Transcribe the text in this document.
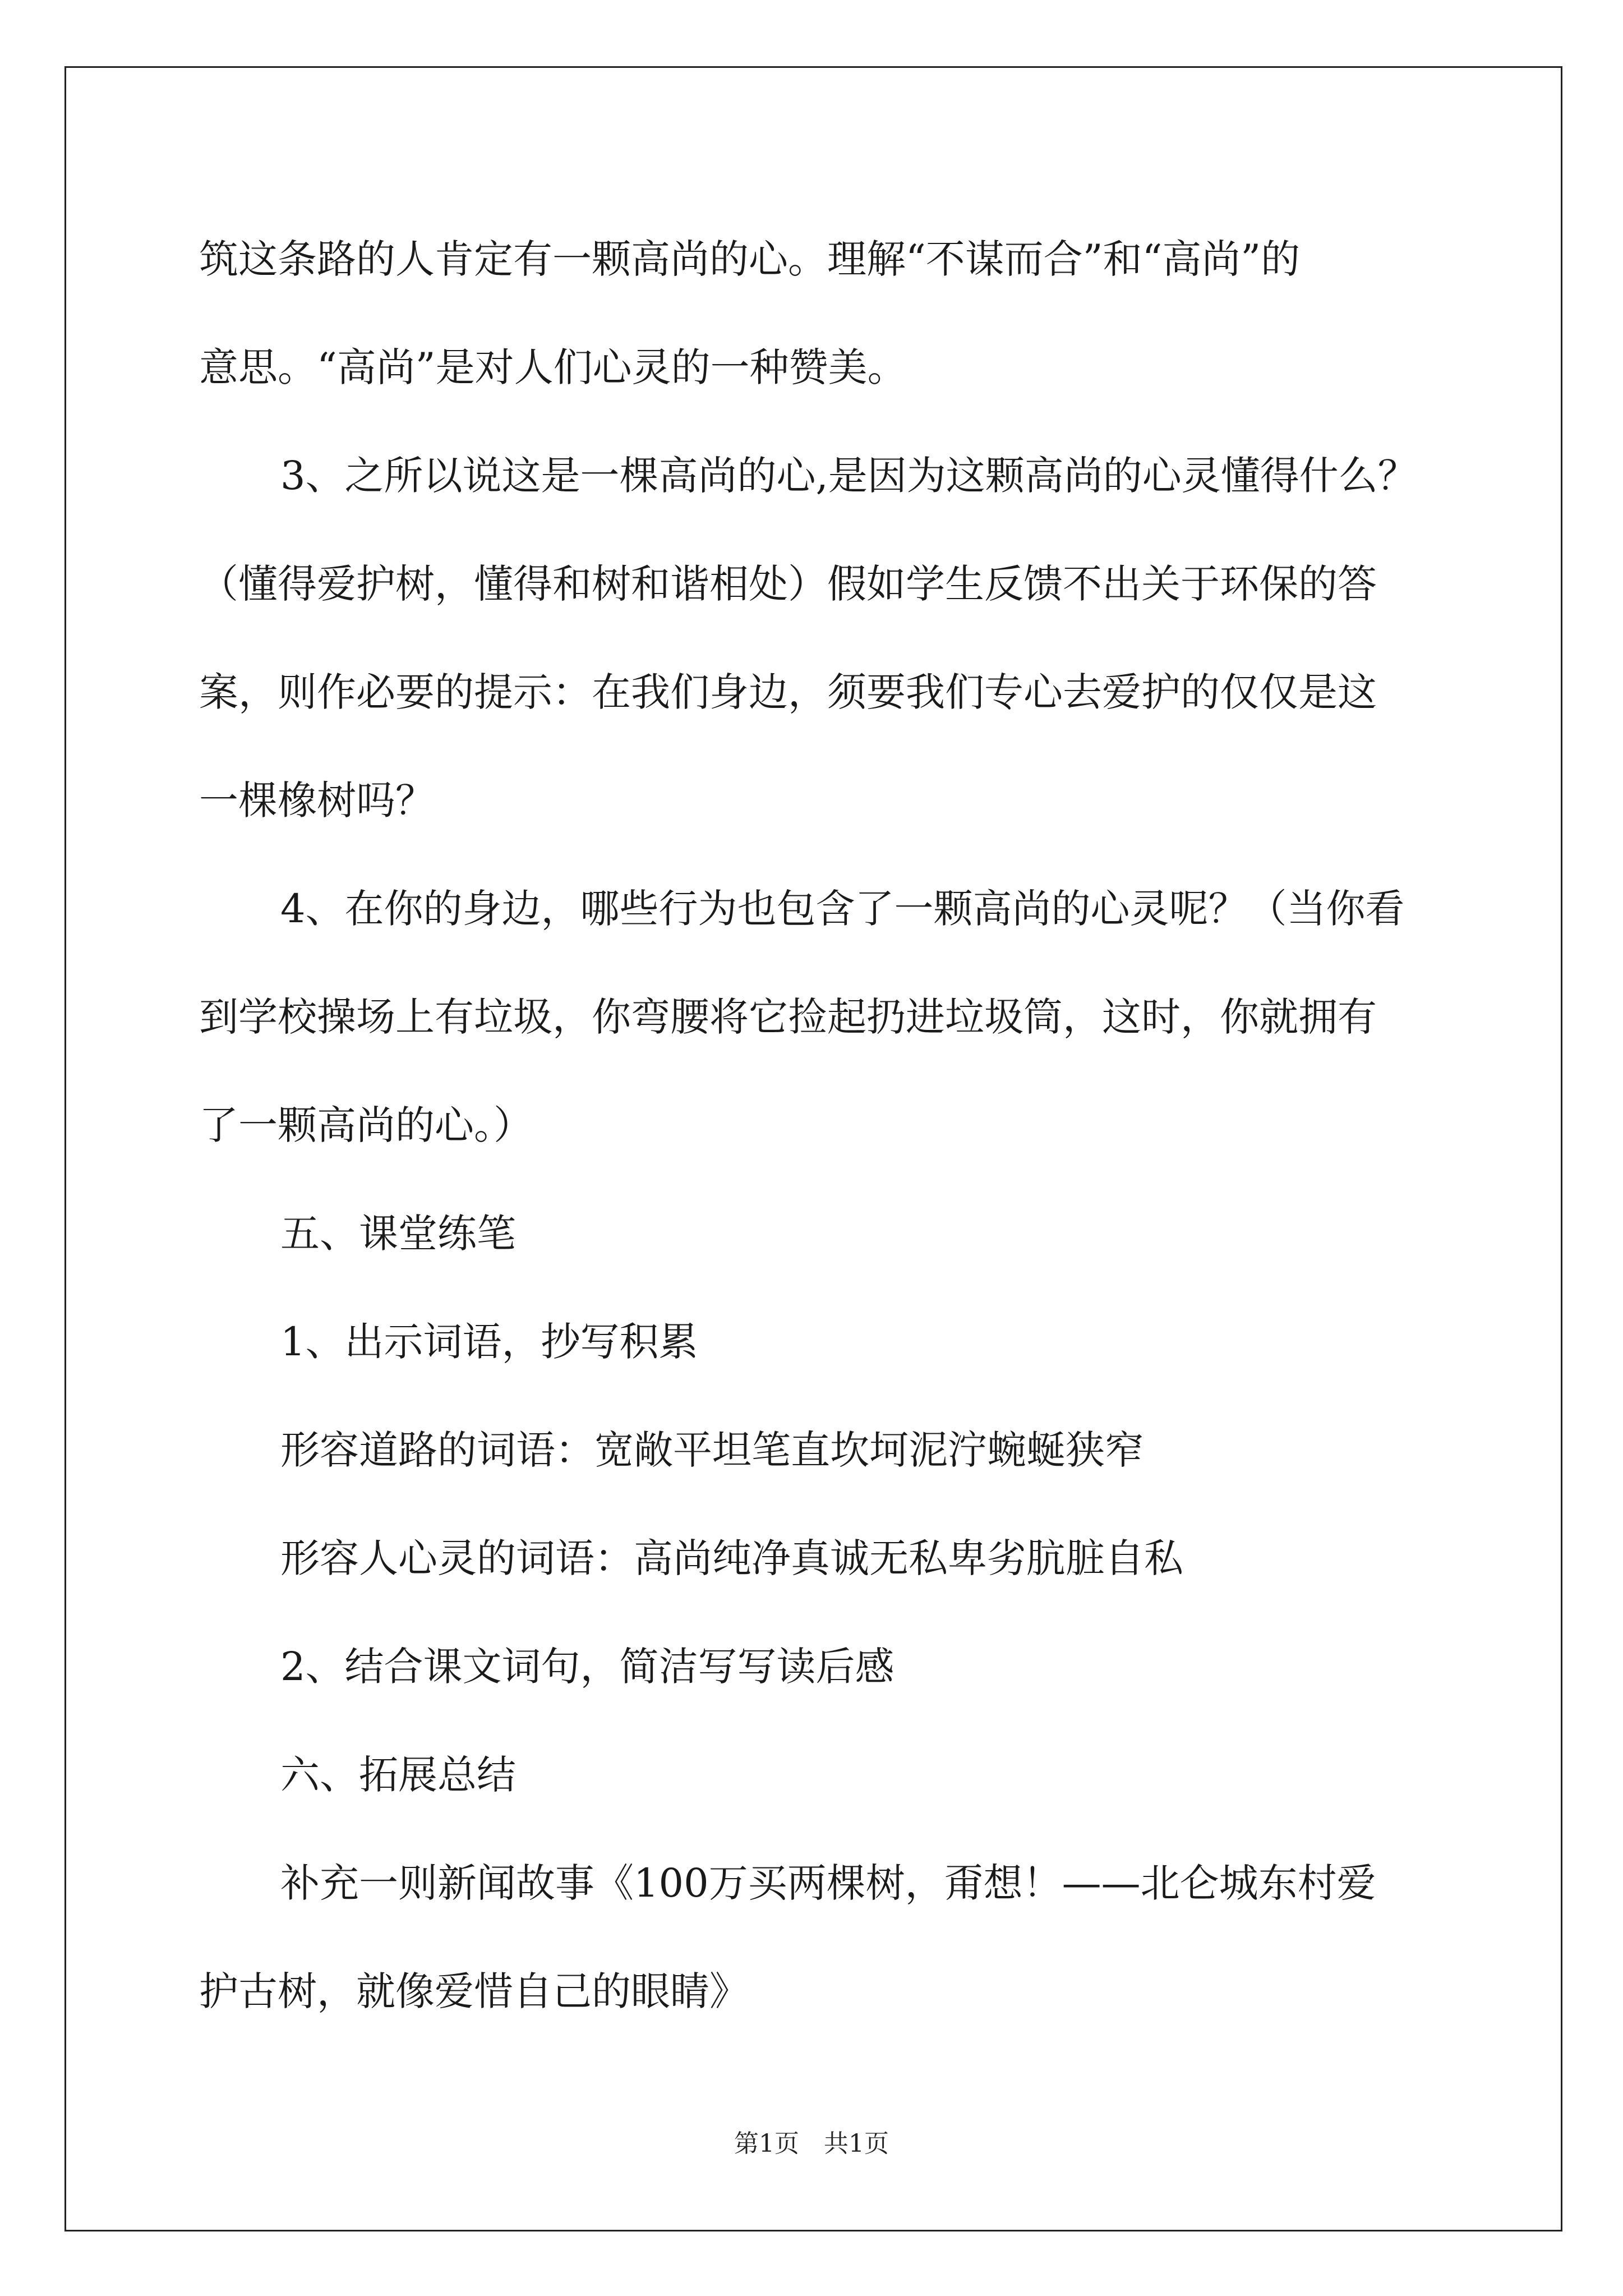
筑这条路的人肯定有一颗高尚的心。理解“不谋而合”和“高尚”的
意思。“高尚”是对人们心灵的一种赞美。
3、之所以说这是一棵高尚的心,是因为这颗高尚的心灵懂得什么？
（懂得爱护树，懂得和树和谐相处）假如学生反馈不出关于环保的答
案，则作必要的提示：在我们身边，须要我们专心去爱护的仅仅是这
一棵橡树吗？
4、在你的身边，哪些行为也包含了一颗高尚的心灵呢？（当你看
到学校操场上有垃圾，你弯腰将它捡起扔进垃圾筒，这时，你就拥有
了一颗高尚的心。）
五、课堂练笔
1、出示词语，抄写积累
形容道路的词语：宽敞平坦笔直坎坷泥泞蜿蜒狭窄
形容人心灵的词语：高尚纯净真诚无私卑劣肮脏自私
2、结合课文词句，简洁写写读后感
六、拓展总结
补充一则新闻故事《100万买两棵树，甭想！——北仑城东村爱
护古树，就像爱惜自己的眼睛》
第1页　共1页
